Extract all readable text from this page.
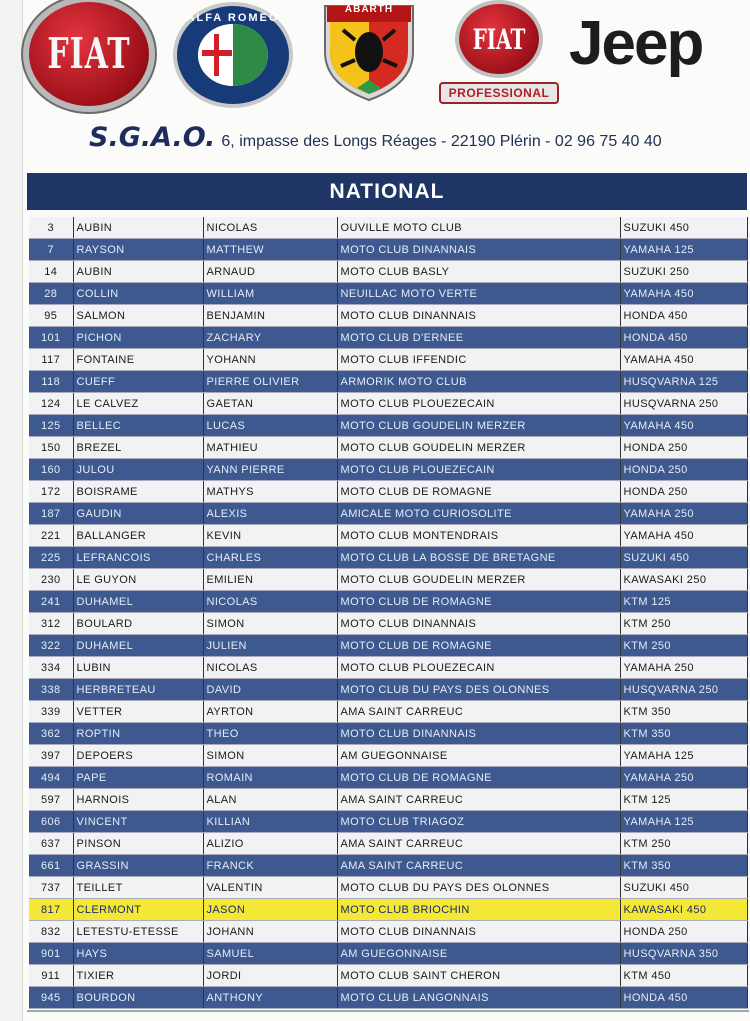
FIAT
ALFA ROMEO
ABARTH
FIAT
PROFESSIONAL
Jeep
S.G.A.O. 6, impasse des Longs Réages - 22190 Plérin - 02 96 75 40 40
NATIONAL
3	AUBIN	NICOLAS	OUVILLE MOTO CLUB	SUZUKI 450
7	RAYSON	MATTHEW	MOTO CLUB DINANNAIS	YAMAHA 125
14	AUBIN	ARNAUD	MOTO CLUB BASLY	SUZUKI 250
28	COLLIN	WILLIAM	NEUILLAC MOTO VERTE	YAMAHA 450
95	SALMON	BENJAMIN	MOTO CLUB DINANNAIS	HONDA 450
101	PICHON	ZACHARY	MOTO CLUB D'ERNEE	HONDA 450
117	FONTAINE	YOHANN	MOTO CLUB IFFENDIC	YAMAHA 450
118	CUEFF	PIERRE OLIVIER	ARMORIK MOTO CLUB	HUSQVARNA 125
124	LE CALVEZ	GAETAN	MOTO CLUB PLOUEZECAIN	HUSQVARNA 250
125	BELLEC	LUCAS	MOTO CLUB GOUDELIN MERZER	YAMAHA 450
150	BREZEL	MATHIEU	MOTO CLUB GOUDELIN MERZER	HONDA 250
160	JULOU	YANN PIERRE	MOTO CLUB PLOUEZECAIN	HONDA 250
172	BOISRAME	MATHYS	MOTO CLUB DE ROMAGNE	HONDA 250
187	GAUDIN	ALEXIS	AMICALE MOTO CURIOSOLITE	YAMAHA 250
221	BALLANGER	KEVIN	MOTO CLUB MONTENDRAIS	YAMAHA 450
225	LEFRANCOIS	CHARLES	MOTO CLUB LA BOSSE DE BRETAGNE	SUZUKI 450
230	LE GUYON	EMILIEN	MOTO CLUB GOUDELIN MERZER	KAWASAKI 250
241	DUHAMEL	NICOLAS	MOTO CLUB DE ROMAGNE	KTM 125
312	BOULARD	SIMON	MOTO CLUB DINANNAIS	KTM 250
322	DUHAMEL	JULIEN	MOTO CLUB DE ROMAGNE	KTM 250
334	LUBIN	NICOLAS	MOTO CLUB PLOUEZECAIN	YAMAHA 250
338	HERBRETEAU	DAVID	MOTO CLUB DU PAYS DES OLONNES	HUSQVARNA 250
339	VETTER	AYRTON	AMA SAINT CARREUC	KTM 350
362	ROPTIN	THEO	MOTO CLUB DINANNAIS	KTM 350
397	DEPOERS	SIMON	AM GUEGONNAISE	YAMAHA 125
494	PAPE	ROMAIN	MOTO CLUB DE ROMAGNE	YAMAHA 250
597	HARNOIS	ALAN	AMA SAINT CARREUC	KTM 125
606	VINCENT	KILLIAN	MOTO CLUB TRIAGOZ	YAMAHA 125
637	PINSON	ALIZIO	AMA SAINT CARREUC	KTM 250
661	GRASSIN	FRANCK	AMA SAINT CARREUC	KTM 350
737	TEILLET	VALENTIN	MOTO CLUB DU PAYS DES OLONNES	SUZUKI 450
817	CLERMONT	JASON	MOTO CLUB BRIOCHIN	KAWASAKI 450
832	LETESTU-ETESSE	JOHANN	MOTO CLUB DINANNAIS	HONDA 250
901	HAYS	SAMUEL	AM GUEGONNAISE	HUSQVARNA 350
911	TIXIER	JORDI	MOTO CLUB SAINT CHERON	KTM 450
945	BOURDON	ANTHONY	MOTO CLUB LANGONNAIS	HONDA 450
